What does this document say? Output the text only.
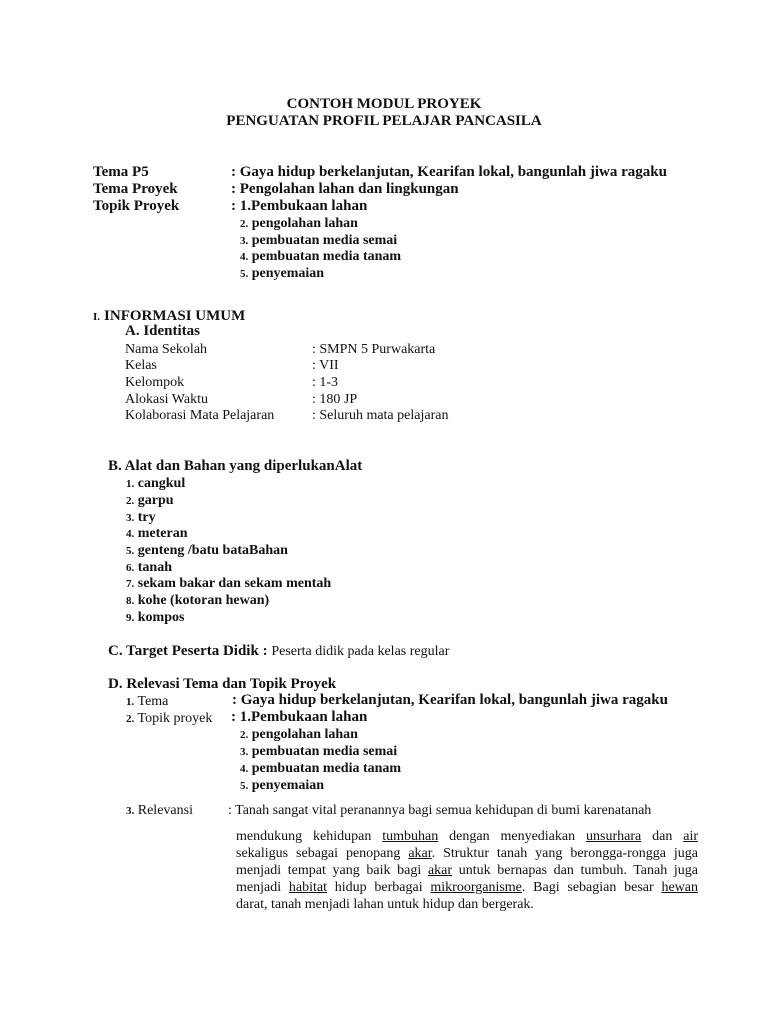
CONTOH MODUL PROYEK
PENGUATAN PROFIL PELAJAR PANCASILA
Tema P5	: Gaya hidup berkelanjutan, Kearifan lokal, bangunlah jiwa ragaku
Tema Proyek	: Pengolahan lahan dan lingkungan
Topik Proyek	: 1.Pembukaan lahan
2. pengolahan lahan
3. pembuatan media semai
4. pembuatan media tanam
5. penyemaian
I. INFORMASI UMUM
A. Identitas
Nama Sekolah	: SMPN 5 Purwakarta
Kelas	: VII
Kelompok	: 1-3
Alokasi Waktu	: 180 JP
Kolaborasi Mata Pelajaran	: Seluruh mata pelajaran
B. Alat dan Bahan yang diperlukanAlat
1. cangkul
2. garpu
3. try
4. meteran
5. genteng /batu bataBahan
6. tanah
7. sekam bakar dan sekam mentah
8. kohe (kotoran hewan)
9. kompos
C. Target Peserta Didik : Peserta didik pada kelas regular
D. Relevasi Tema dan Topik Proyek
1. Tema	: Gaya hidup berkelanjutan, Kearifan lokal, bangunlah jiwa ragaku
2. Topik proyek : 1.Pembukaan lahan
2. pengolahan lahan
3. pembuatan media semai
4. pembuatan media tanam
5. penyemaian
3. Relevansi	: Tanah sangat vital peranannya bagi semua kehidupan di bumi karenatanah
mendukung kehidupan tumbuhan dengan menyediakan unsurhara dan air sekaligus sebagai penopang akar. Struktur tanah yang berongga-rongga juga menjadi tempat yang baik bagi akar untuk bernapas dan tumbuh. Tanah juga menjadi habitat hidup berbagai mikroorganisme. Bagi sebagian besar hewan darat, tanah menjadi lahan untuk hidup dan bergerak.
